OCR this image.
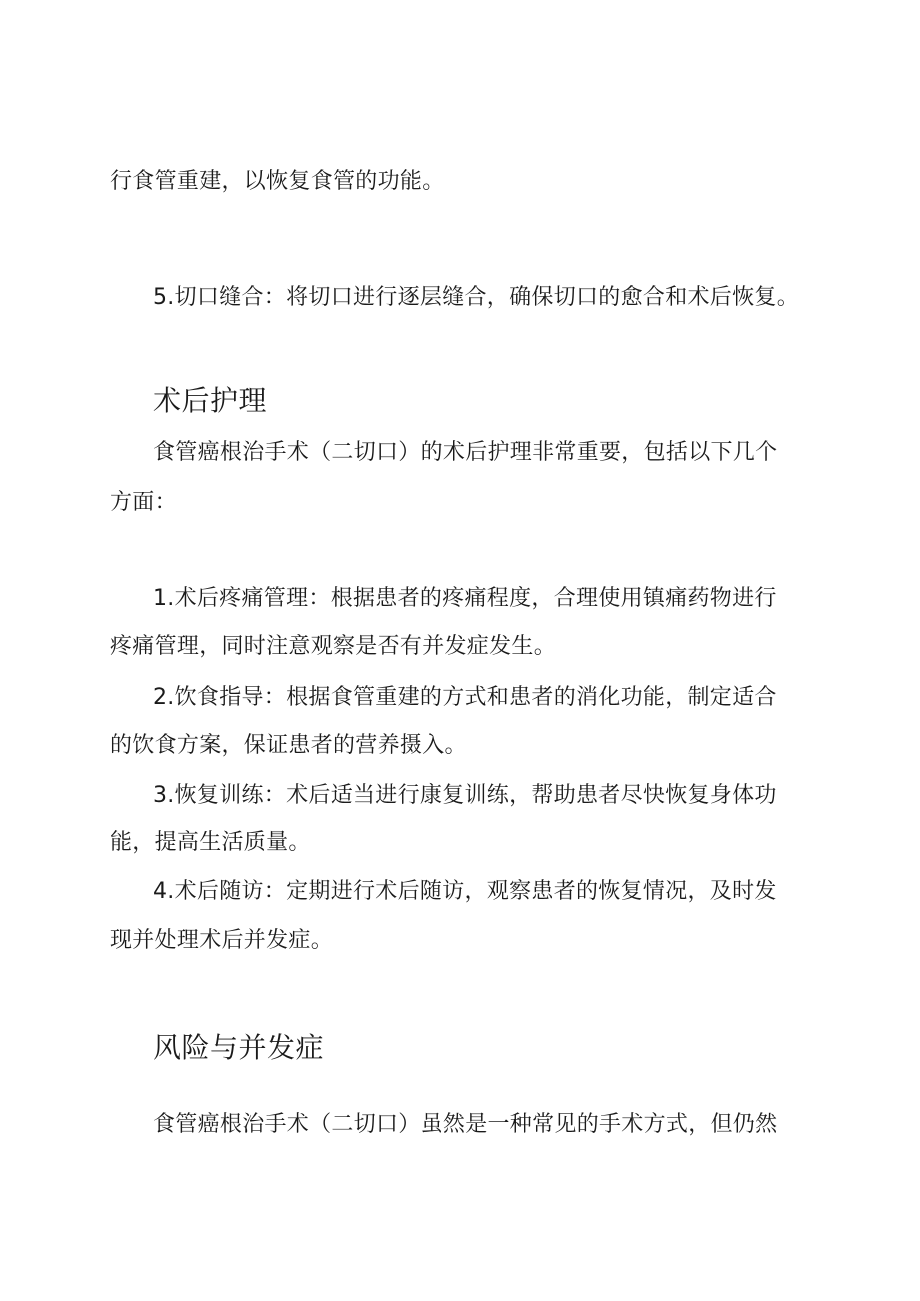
行食管重建，以恢复食管的功能。
5.切口缝合：将切口进行逐层缝合，确保切口的愈合和术后恢复。
术后护理
食管癌根治手术（二切口）的术后护理非常重要，包括以下几个
方面：
1.术后疼痛管理：根据患者的疼痛程度，合理使用镇痛药物进行
疼痛管理，同时注意观察是否有并发症发生。
2.饮食指导：根据食管重建的方式和患者的消化功能，制定适合
的饮食方案，保证患者的营养摄入。
3.恢复训练：术后适当进行康复训练，帮助患者尽快恢复身体功
能，提高生活质量。
4.术后随访：定期进行术后随访，观察患者的恢复情况，及时发
现并处理术后并发症。
风险与并发症
食管癌根治手术（二切口）虽然是一种常见的手术方式，但仍然
